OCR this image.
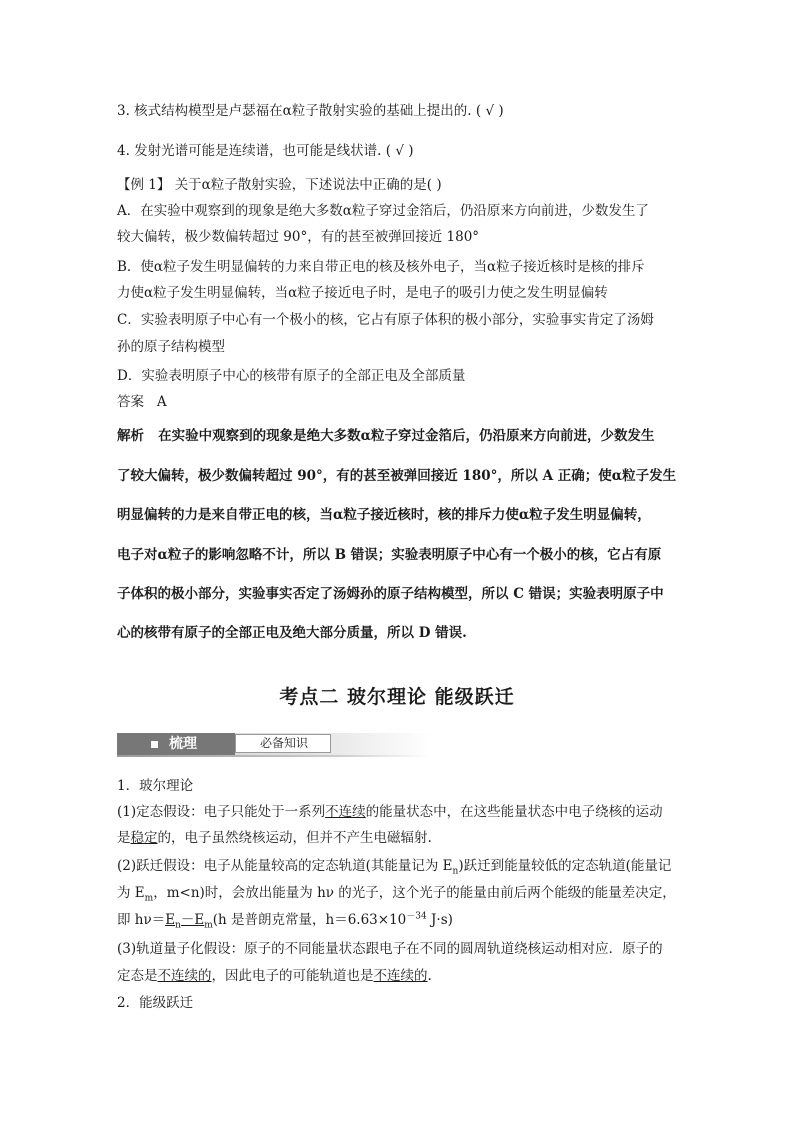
3. 核式结构模型是卢瑟福在α粒子散射实验的基础上提出的. ( √ )
4. 发射光谱可能是连续谱，也可能是线状谱. ( √ )
【例 1】 关于α粒子散射实验，下述说法中正确的是( )
A．在实验中观察到的现象是绝大多数α粒子穿过金箔后，仍沿原来方向前进，少数发生了
较大偏转，极少数偏转超过 90°，有的甚至被弹回接近 180°
B．使α粒子发生明显偏转的力来自带正电的核及核外电子，当α粒子接近核时是核的排斥
力使α粒子发生明显偏转，当α粒子接近电子时，是电子的吸引力使之发生明显偏转
C．实验表明原子中心有一个极小的核，它占有原子体积的极小部分，实验事实肯定了汤姆
孙的原子结构模型
D．实验表明原子中心的核带有原子的全部正电及全部质量
答案 A
解析 在实验中观察到的现象是绝大多数α粒子穿过金箔后，仍沿原来方向前进，少数发生
了较大偏转，极少数偏转超过 90°，有的甚至被弹回接近 180°，所以 A 正确；使α粒子发生
明显偏转的力是来自带正电的核，当α粒子接近核时，核的排斥力使α粒子发生明显偏转，
电子对α粒子的影响忽略不计，所以 B 错误；实验表明原子中心有一个极小的核，它占有原
子体积的极小部分，实验事实否定了汤姆孙的原子结构模型，所以 C 错误；实验表明原子中
心的核带有原子的全部正电及绝大部分质量，所以 D 错误.
考点二 玻尔理论 能级跃迁
梳理	必备知识
1．玻尔理论
(1)定态假设：电子只能处于一系列不连续的能量状态中，在这些能量状态中电子绕核的运动
是稳定的，电子虽然绕核运动，但并不产生电磁辐射.
(2)跃迁假设：电子从能量较高的定态轨道(其能量记为 $E_n$)跃迁到能量较低的定态轨道(能量记
为 $E_m$，m<n)时，会放出能量为 hν 的光子，这个光子的能量由前后两个能级的能量差决定，
即 $h\nu=E_n-E_m(h$ 是普朗克常量，$h=6.63\times 10^{-34}$ J·s)
(3)轨道量子化假设：原子的不同能量状态跟电子在不同的圆周轨道绕核运动相对应．原子的
定态是不连续的，因此电子的可能轨道也是不连续的.
2．能级跃迁
